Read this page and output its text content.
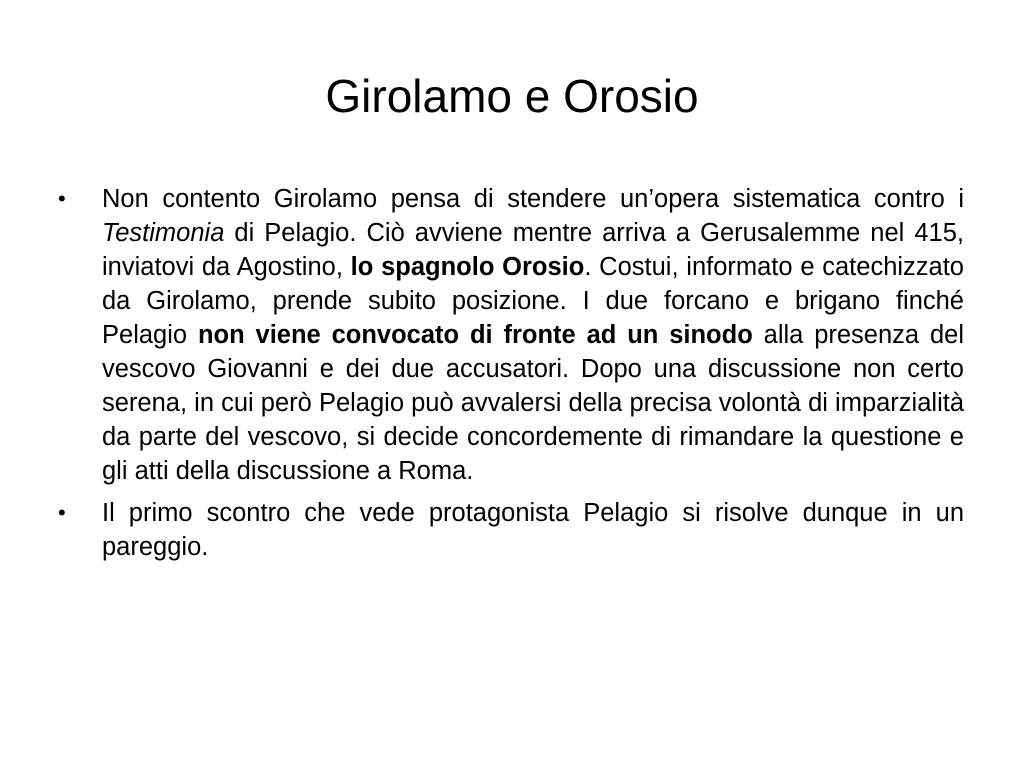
Girolamo e Orosio
•	Non contento Girolamo pensa di stendere un’opera sistematica contro i Testimonia di Pelagio. Ciò avviene mentre arriva a Gerusalemme nel 415, inviatovi da Agostino, lo spagnolo Orosio. Costui, informato e catechizzato da Girolamo, prende subito posizione. I due forcano e brigano finché Pelagio non viene convocato di fronte ad un sinodo alla presenza del vescovo Giovanni e dei due accusatori. Dopo una discussione non certo serena, in cui però Pelagio può avvalersi della precisa volontà di imparzialità da parte del vescovo, si decide concordemente di rimandare la questione e gli atti della discussione a Roma.
•	Il primo scontro che vede protagonista Pelagio si risolve dunque in un pareggio.
